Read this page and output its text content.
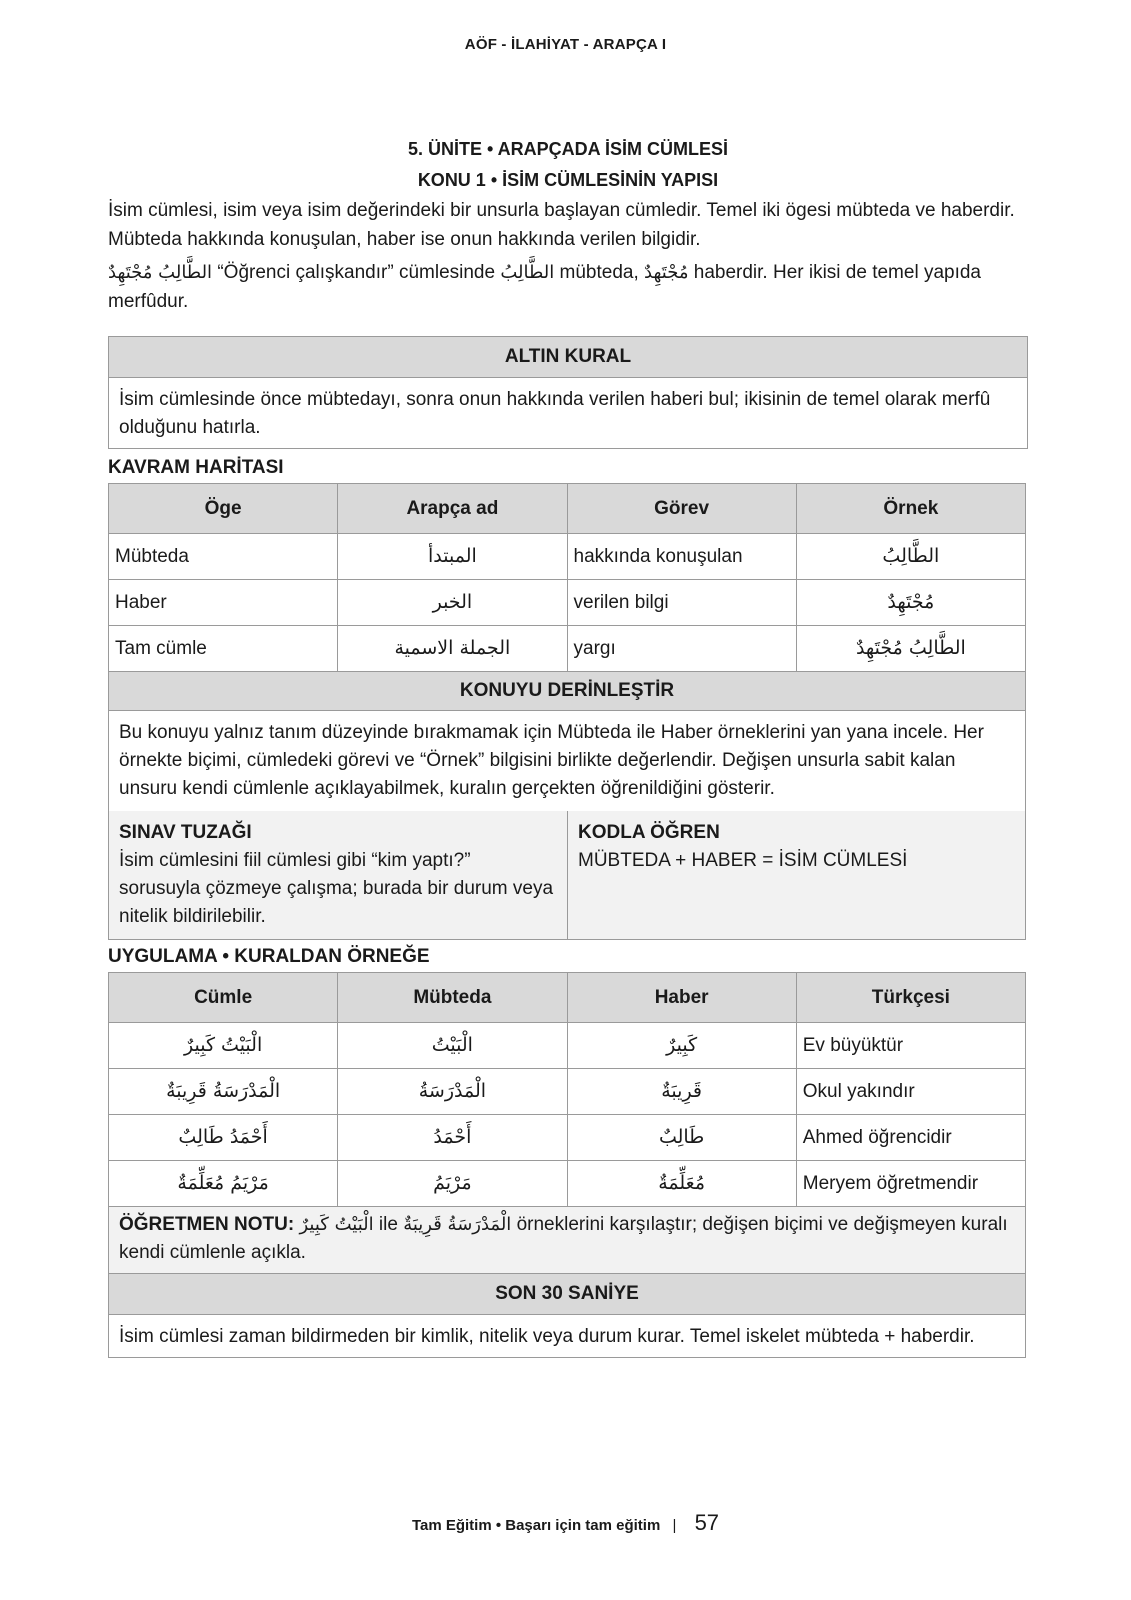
AÖF - İLAHİYAT - ARAPÇA I
5. ÜNİTE • ARAPÇADA İSİM CÜMLESİ
KONU 1 • İSİM CÜMLESİNİN YAPISI

İsim cümlesi, isim veya isim değerindeki bir unsurla başlayan cümledir. Temel iki ögesi mübteda ve haberdir. Mübteda hakkında konuşulan, haber ise onun hakkında verilen bilgidir.

الطَّالِبُ مُجْتَهِدٌ “Öğrenci çalışkandır” cümlesinde الطَّالِبُ mübteda, مُجْتَهِدٌ haberdir. Her ikisi de temel yapıda merfûdur.

ALTIN KURAL
İsim cümlesinde önce mübtedayı, sonra onun hakkında verilen haberi bul; ikisinin de temel olarak merfû olduğunu hatırla.
KAVRAM HARİTASI
Öge	Arapça ad	Görev	Örnek
Mübteda	المبتدأ	hakkında konuşulan	الطَّالِبُ
Haber	الخبر	verilen bilgi	مُجْتَهِدٌ
Tam cümle	الجملة الاسمية	yargı	الطَّالِبُ مُجْتَهِدٌ
KONUYU DERİNLEŞTİR
Bu konuyu yalnız tanım düzeyinde bırakmamak için Mübteda ile Haber örneklerini yan yana incele. Her örnekte biçimi, cümledeki görevi ve “Örnek” bilgisini birlikte değerlendir. Değişen unsurla sabit kalan unsuru kendi cümlenle açıklayabilmek, kuralın gerçekten öğrenildiğini gösterir.
SINAV TUZAĞI
İsim cümlesini fiil cümlesi gibi “kim yaptı?” sorusuyla çözmeye çalışma; burada bir durum veya nitelik bildirilebilir.
KODLA ÖĞREN
MÜBTEDA + HABER = İSİM CÜMLESİ
UYGULAMA • KURALDAN ÖRNEĞE
Cümle	Mübteda	Haber	Türkçesi
الْبَيْتُ كَبِيرٌ	الْبَيْتُ	كَبِيرٌ	Ev büyüktür
الْمَدْرَسَةُ قَرِيبَةٌ	الْمَدْرَسَةُ	قَرِيبَةٌ	Okul yakındır
أَحْمَدُ طَالِبٌ	أَحْمَدُ	طَالِبٌ	Ahmed öğrencidir
مَرْيَمُ مُعَلِّمَةٌ	مَرْيَمُ	مُعَلِّمَةٌ	Meryem öğretmendir
ÖĞRETMEN NOTU: الْبَيْتُ كَبِيرٌ ile الْمَدْرَسَةُ قَرِيبَةٌ örneklerini karşılaştır; değişen biçimi ve değişmeyen kuralı kendi cümlenle açıkla.
SON 30 SANİYE
İsim cümlesi zaman bildirmeden bir kimlik, nitelik veya durum kurar. Temel iskelet mübteda + haberdir.
Tam Eğitim • Başarı için tam eğitim | 57
